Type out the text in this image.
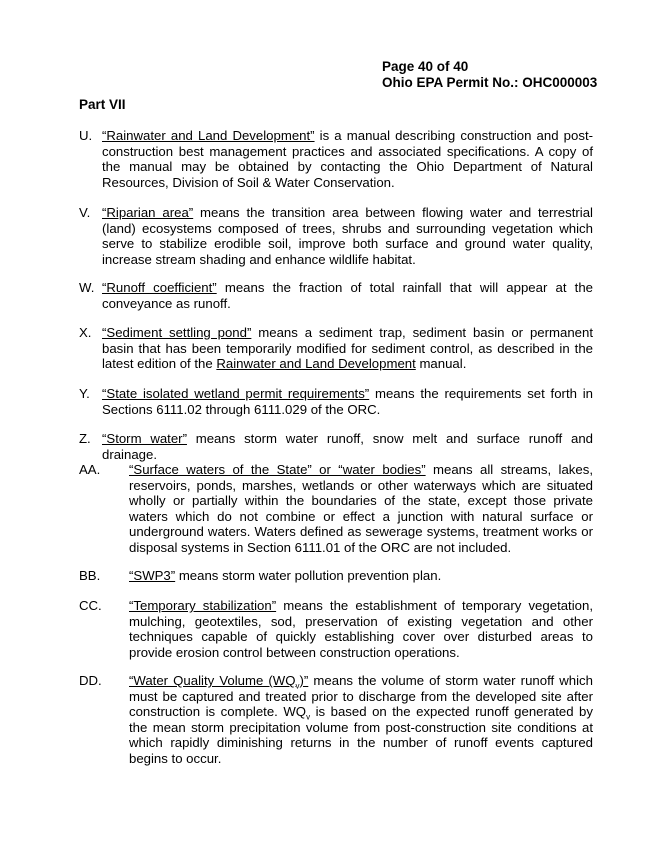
Page 40 of 40
Ohio EPA Permit No.: OHC000003
Part VII
U. “Rainwater and Land Development” is a manual describing construction and post-construction best management practices and associated specifications. A copy of the manual may be obtained by contacting the Ohio Department of Natural Resources, Division of Soil & Water Conservation.
V. “Riparian area” means the transition area between flowing water and terrestrial (land) ecosystems composed of trees, shrubs and surrounding vegetation which serve to stabilize erodible soil, improve both surface and ground water quality, increase stream shading and enhance wildlife habitat.
W. “Runoff coefficient” means the fraction of total rainfall that will appear at the conveyance as runoff.
X. “Sediment settling pond” means a sediment trap, sediment basin or permanent basin that has been temporarily modified for sediment control, as described in the latest edition of the Rainwater and Land Development manual.
Y. “State isolated wetland permit requirements” means the requirements set forth in Sections 6111.02 through 6111.029 of the ORC.
Z. “Storm water” means storm water runoff, snow melt and surface runoff and drainage.
AA. “Surface waters of the State” or “water bodies” means all streams, lakes, reservoirs, ponds, marshes, wetlands or other waterways which are situated wholly or partially within the boundaries of the state, except those private waters which do not combine or effect a junction with natural surface or underground waters. Waters defined as sewerage systems, treatment works or disposal systems in Section 6111.01 of the ORC are not included.
BB. “SWP3” means storm water pollution prevention plan.
CC. “Temporary stabilization” means the establishment of temporary vegetation, mulching, geotextiles, sod, preservation of existing vegetation and other techniques capable of quickly establishing cover over disturbed areas to provide erosion control between construction operations.
DD. “Water Quality Volume $(WQ_v)$” means the volume of storm water runoff which must be captured and treated prior to discharge from the developed site after construction is complete. $WQ_v$ is based on the expected runoff generated by the mean storm precipitation volume from post-construction site conditions at which rapidly diminishing returns in the number of runoff events captured begins to occur.
